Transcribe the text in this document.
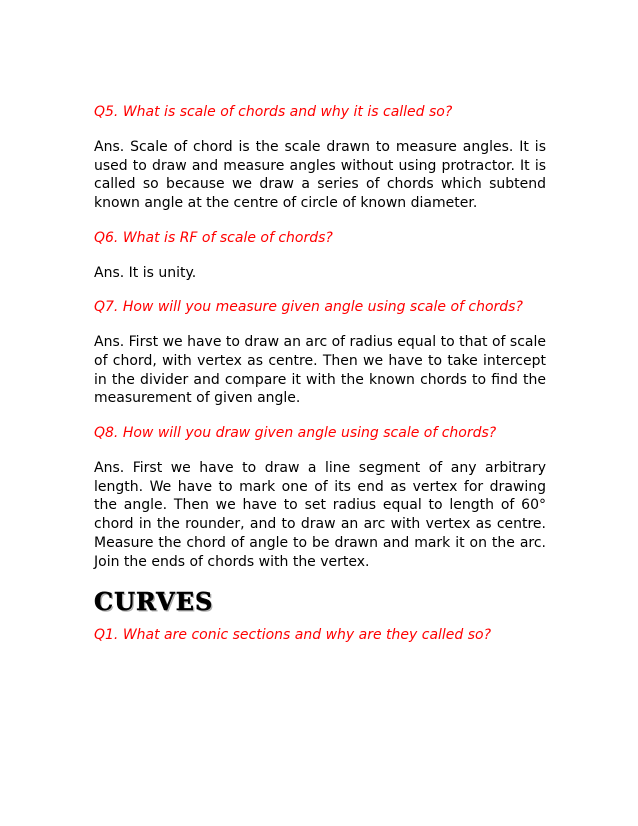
Q5. What is scale of chords and why it is called so?

Ans. Scale of chord is the scale drawn to measure angles. It is used to draw and measure angles without using protractor. It is called so because we draw a series of chords which subtend known angle at the centre of circle of known diameter.

Q6. What is RF of scale of chords?

Ans. It is unity.

Q7. How will you measure given angle using scale of chords?

Ans. First we have to draw an arc of radius equal to that of scale of chord, with vertex as centre. Then we have to take intercept in the divider and compare it with the known chords to find the measurement of given angle.

Q8. How will you draw given angle using scale of chords?

Ans. First we have to draw a line segment of any arbitrary length. We have to mark one of its end as vertex for drawing the angle. Then we have to set radius equal to length of 60° chord in the rounder, and to draw an arc with vertex as centre. Measure the chord of angle to be drawn and mark it on the arc. Join the ends of chords with the vertex.

CURVES

Q1. What are conic sections and why are they called so?
